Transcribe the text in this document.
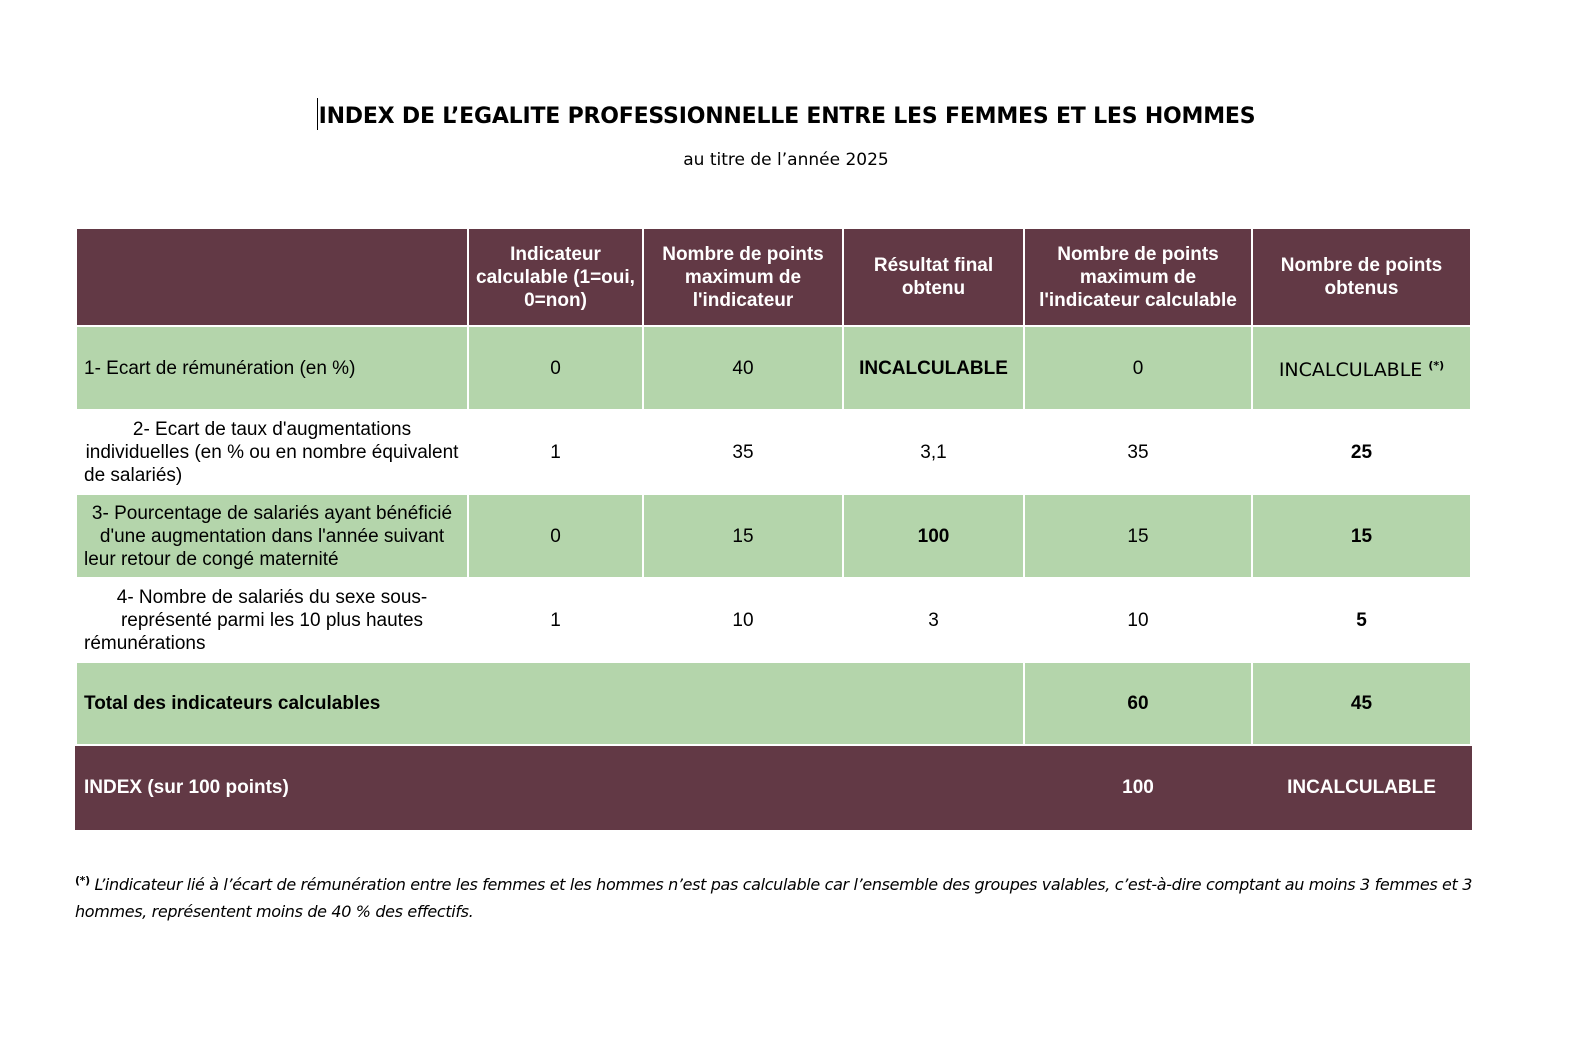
INDEX DE L’EGALITE PROFESSIONNELLE ENTRE LES FEMMES ET LES HOMMES
au titre de l’année 2025
	Indicateur calculable (1=oui, 0=non)	Nombre de points maximum de l'indicateur	Résultat final obtenu	Nombre de points maximum de l'indicateur calculable	Nombre de points obtenus
1- Ecart de rémunération (en %)	0	40	INCALCULABLE	0	INCALCULABLE (*)
2- Ecart de taux d'augmentations individuelles (en % ou en nombre équivalent de salariés)	1	35	3,1	35	25
3- Pourcentage de salariés ayant bénéficié d'une augmentation dans l'année suivant leur retour de congé maternité	0	15	100	15	15
4- Nombre de salariés du sexe sous-représenté parmi les 10 plus hautes rémunérations	1	10	3	10	5
Total des indicateurs calculables				60	45
INDEX (sur 100 points)				100	INCALCULABLE
(*) L’indicateur lié à l’écart de rémunération entre les femmes et les hommes n’est pas calculable car l’ensemble des groupes valables, c’est-à-dire comptant au moins 3 femmes et 3 hommes, représentent moins de 40 % des effectifs.
